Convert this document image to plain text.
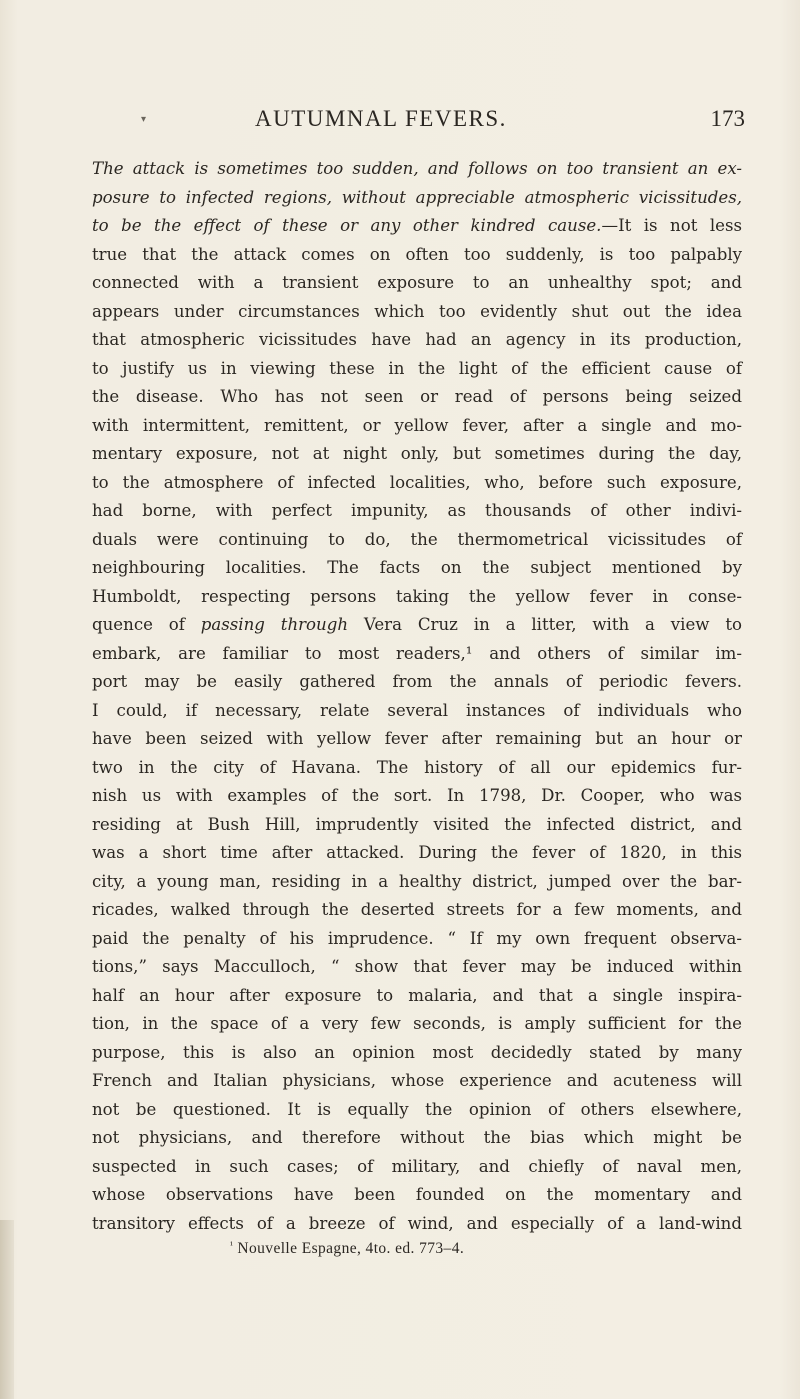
▾	AUTUMNAL FEVERS.	173
The attack is sometimes too sudden, and follows on too transient an ex-
posure to infected regions, without appreciable atmospheric vicissitudes,
to be the effect of these or any other kindred cause.—It is not less
true that the attack comes on often too suddenly, is too palpably
connected with a transient exposure to an unhealthy spot; and
appears under circumstances which too evidently shut out the idea
that atmospheric vicissitudes have had an agency in its production,
to justify us in viewing these in the light of the efficient cause of
the disease. Who has not seen or read of persons being seized
with intermittent, remittent, or yellow fever, after a single and mo-
mentary exposure, not at night only, but sometimes during the day,
to the atmosphere of infected localities, who, before such exposure,
had borne, with perfect impunity, as thousands of other indivi-
duals were continuing to do, the thermometrical vicissitudes of
neighbouring localities. The facts on the subject mentioned by
Humboldt, respecting persons taking the yellow fever in conse-
quence of passing through Vera Cruz in a litter, with a view to
embark, are familiar to most readers,¹ and others of similar im-
port may be easily gathered from the annals of periodic fevers.
I could, if necessary, relate several instances of individuals who
have been seized with yellow fever after remaining but an hour or
two in the city of Havana. The history of all our epidemics fur-
nish us with examples of the sort. In 1798, Dr. Cooper, who was
residing at Bush Hill, imprudently visited the infected district, and
was a short time after attacked. During the fever of 1820, in this
city, a young man, residing in a healthy district, jumped over the bar-
ricades, walked through the deserted streets for a few moments, and
paid the penalty of his imprudence. “ If my own frequent observa-
tions,” says Macculloch, “ show that fever may be induced within
half an hour after exposure to malaria, and that a single inspira-
tion, in the space of a very few seconds, is amply sufficient for the
purpose, this is also an opinion most decidedly stated by many
French and Italian physicians, whose experience and acuteness will
not be questioned. It is equally the opinion of others elsewhere,
not physicians, and therefore without the bias which might be
suspected in such cases; of military, and chiefly of naval men,
whose observations have been founded on the momentary and
transitory effects of a breeze of wind, and especially of a land-wind
$^{^1}$ Nouvelle Espagne, 4to. ed. 773–4.
